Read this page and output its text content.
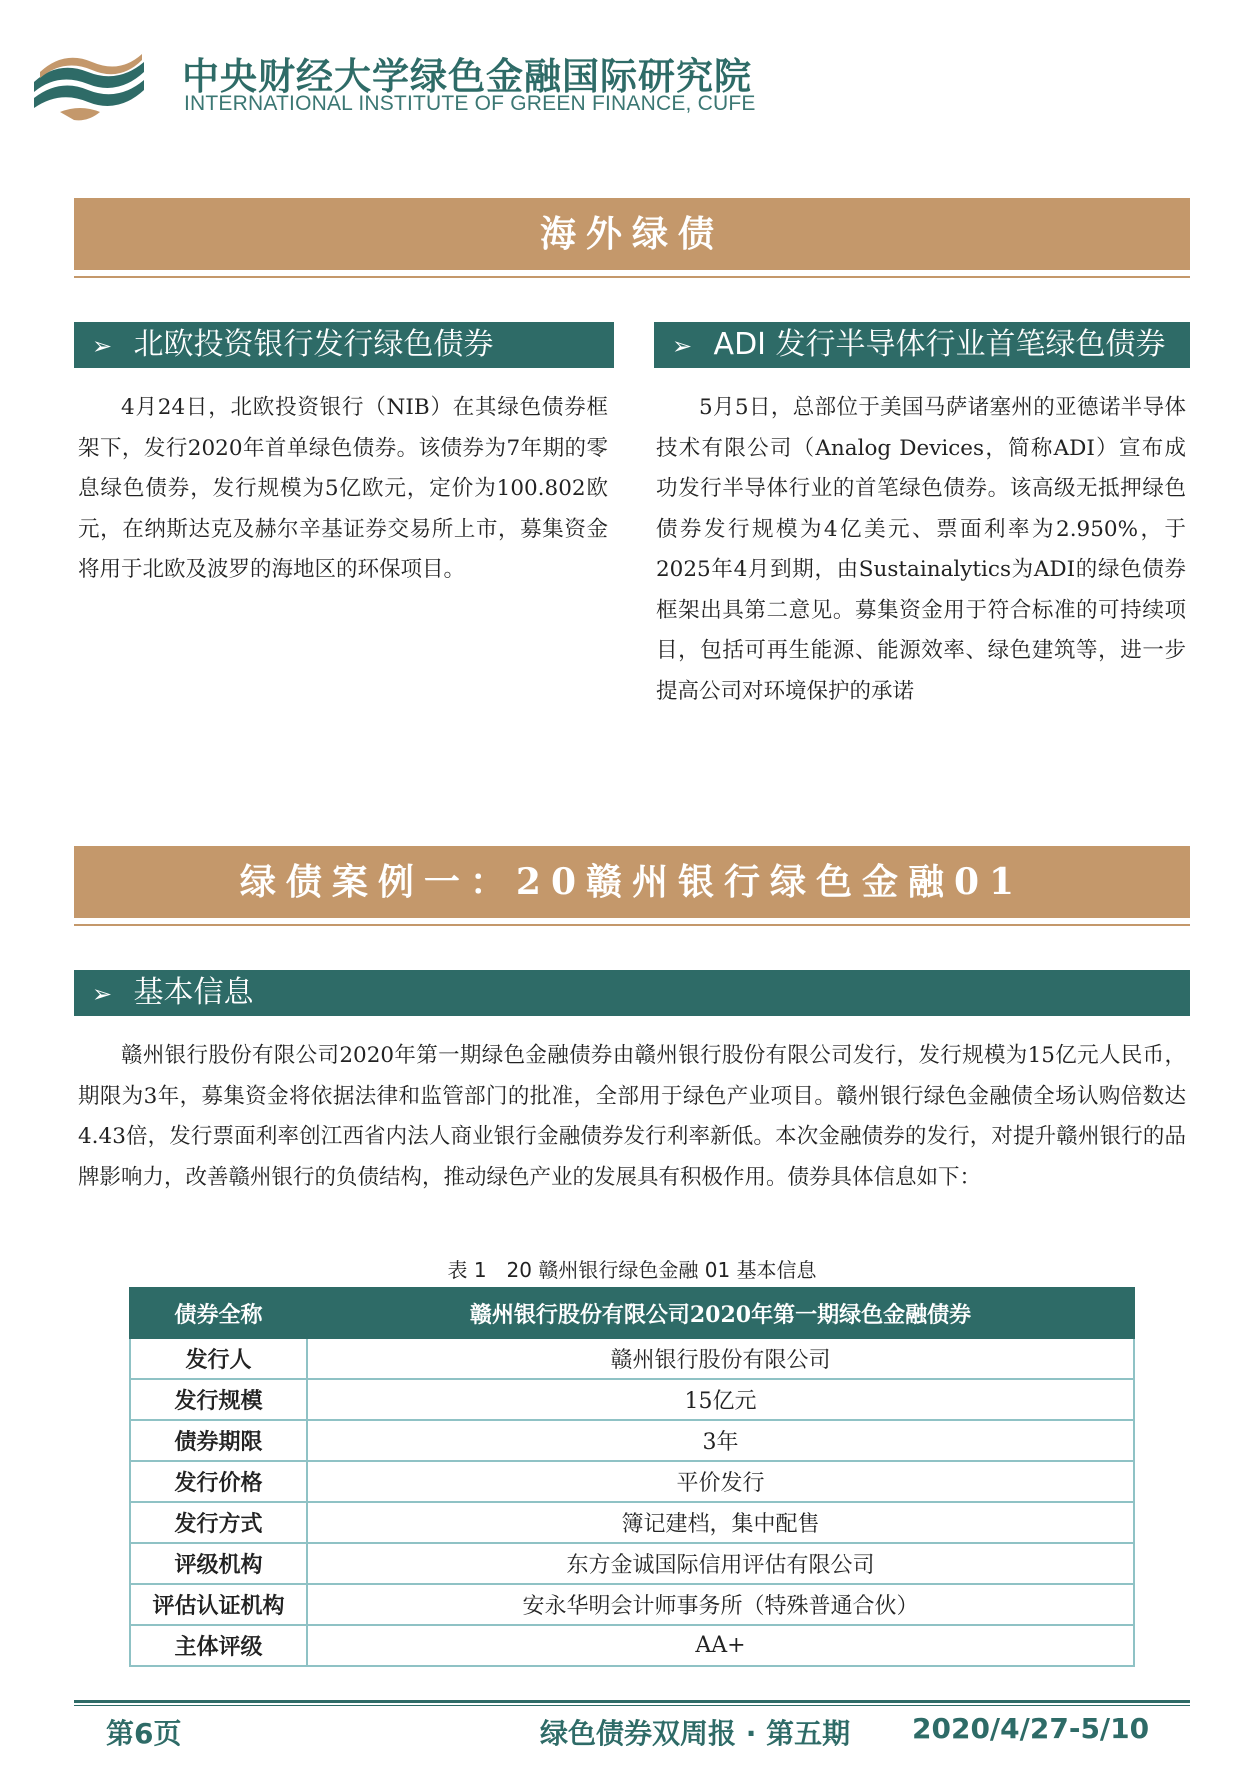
中央财经大学绿色金融国际研究院
INTERNATIONAL INSTITUTE OF GREEN FINANCE, CUFE
海外绿债
➢ 北欧投资银行发行绿色债券	➢ ADI 发行半导体行业首笔绿色债券

4月24日，北欧投资银行（NIB）在其绿色债券框架下，发行2020年首单绿色债券。该债券为7年期的零息绿色债券，发行规模为5亿欧元，定价为100.802欧元，在纳斯达克及赫尔辛基证券交易所上市，募集资金将用于北欧及波罗的海地区的环保项目。

5月5日，总部位于美国马萨诸塞州的亚德诺半导体技术有限公司（Analog Devices，简称ADI）宣布成功发行半导体行业的首笔绿色债券。该高级无抵押绿色债券发行规模为4亿美元、票面利率为2.950%，于2025年4月到期，由Sustainalytics为ADI的绿色债券框架出具第二意见。募集资金用于符合标准的可持续项目，包括可再生能源、能源效率、绿色建筑等，进一步提高公司对环境保护的承诺

绿债案例一：20赣州银行绿色金融01
➢ 基本信息

赣州银行股份有限公司2020年第一期绿色金融债券由赣州银行股份有限公司发行，发行规模为15亿元人民币，期限为3年，募集资金将依据法律和监管部门的批准，全部用于绿色产业项目。赣州银行绿色金融债全场认购倍数达4.43倍，发行票面利率创江西省内法人商业银行金融债券发行利率新低。本次金融债券的发行，对提升赣州银行的品牌影响力，改善赣州银行的负债结构，推动绿色产业的发展具有积极作用。债券具体信息如下：

表 1　20 赣州银行绿色金融 01 基本信息
债券全称	赣州银行股份有限公司2020年第一期绿色金融债券
发行人	赣州银行股份有限公司
发行规模	15亿元
债券期限	3年
发行价格	平价发行
发行方式	簿记建档，集中配售
评级机构	东方金诚国际信用评估有限公司
评估认证机构	安永华明会计师事务所（特殊普通合伙）
主体评级	AA+
第6页	绿色债券双周报 · 第五期 2020/4/27-5/10
